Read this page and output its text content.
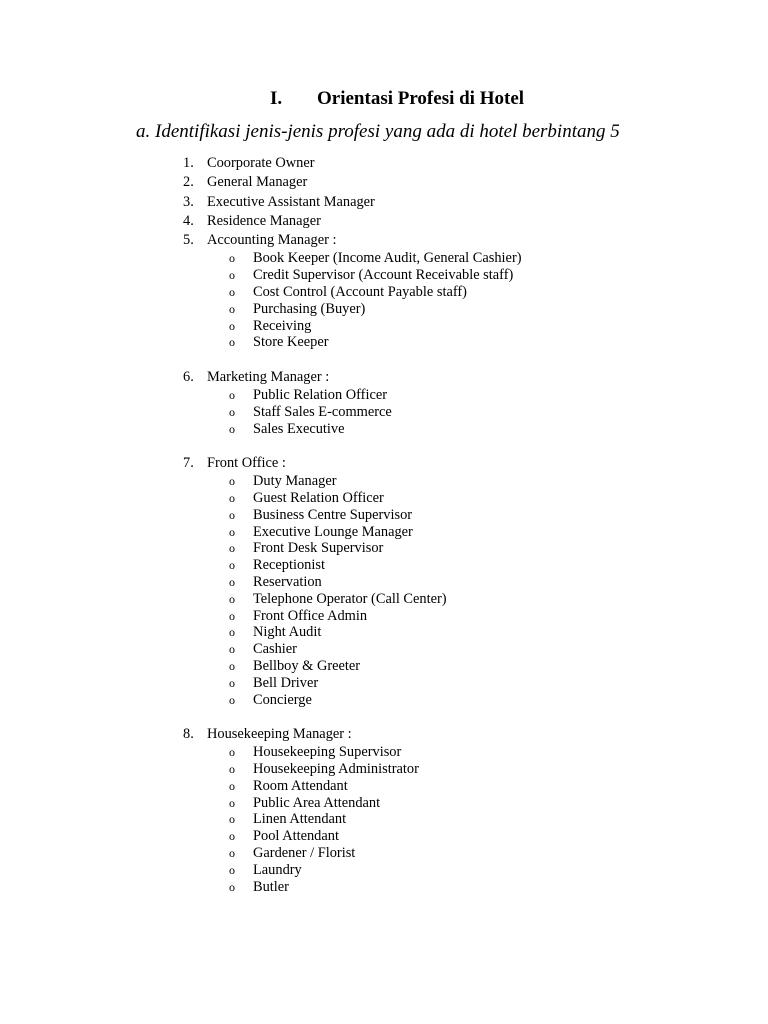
I. Orientasi Profesi di Hotel
a. Identifikasi jenis-jenis profesi yang ada di hotel berbintang 5
1. Coorporate Owner
2. General Manager
3. Executive Assistant Manager
4. Residence Manager
5. Accounting Manager :
o Book Keeper (Income Audit, General Cashier)
o Credit Supervisor (Account Receivable staff)
o Cost Control (Account Payable staff)
o Purchasing (Buyer)
o Receiving
o Store Keeper
6. Marketing Manager :
o Public Relation Officer
o Staff Sales E-commerce
o Sales Executive
7. Front Office :
o Duty Manager
o Guest Relation Officer
o Business Centre Supervisor
o Executive Lounge Manager
o Front Desk Supervisor
o Receptionist
o Reservation
o Telephone Operator (Call Center)
o Front Office Admin
o Night Audit
o Cashier
o Bellboy & Greeter
o Bell Driver
o Concierge
8. Housekeeping Manager :
o Housekeeping Supervisor
o Housekeeping Administrator
o Room Attendant
o Public Area Attendant
o Linen Attendant
o Pool Attendant
o Gardener / Florist
o Laundry
o Butler
